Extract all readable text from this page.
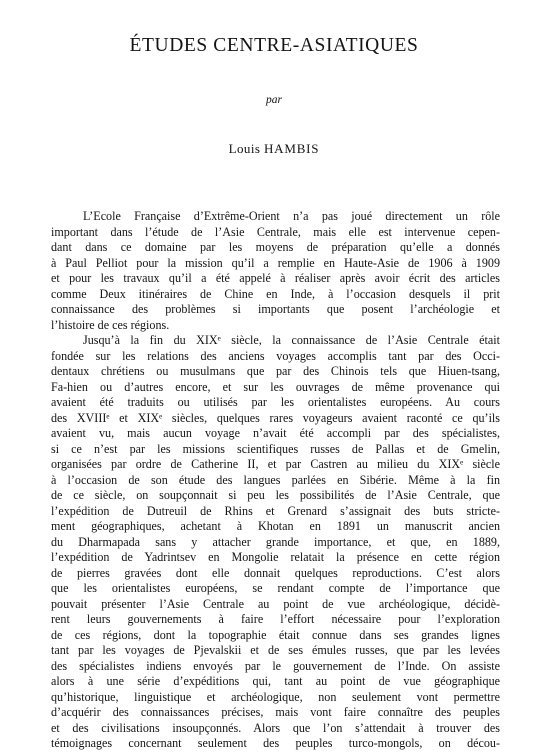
ÉTUDES CENTRE-ASIATIQUES
par
Louis HAMBIS
L’Ecole Française d’Extrême-Orient n’a pas joué directement un rôle
important dans l’étude de l’Asie Centrale, mais elle est intervenue cepen-
dant dans ce domaine par les moyens de préparation qu’elle a donnés
à Paul Pelliot pour la mission qu’il a remplie en Haute-Asie de 1906 à 1909
et pour les travaux qu’il a été appelé à réaliser après avoir écrit des articles
comme Deux itinéraires de Chine en Inde, à l’occasion desquels il prit
connaissance des problèmes si importants que posent l’archéologie et
l’histoire de ces régions.
Jusqu’à la fin du XIXᵉ siècle, la connaissance de l’Asie Centrale était
fondée sur les relations des anciens voyages accomplis tant par des Occi-
dentaux chrétiens ou musulmans que par des Chinois tels que Hiuen-tsang,
Fa-hien ou d’autres encore, et sur les ouvrages de même provenance qui
avaient été traduits ou utilisés par les orientalistes européens. Au cours
des XVIIIᵉ et XIXᵉ siècles, quelques rares voyageurs avaient raconté ce qu’ils
avaient vu, mais aucun voyage n’avait été accompli par des spécialistes,
si ce n’est par les missions scientifiques russes de Pallas et de Gmelin,
organisées par ordre de Catherine II, et par Castren au milieu du XIXᵉ siècle
à l’occasion de son étude des langues parlées en Sibérie. Même à la fin
de ce siècle, on soupçonnait si peu les possibilités de l’Asie Centrale, que
l’expédition de Dutreuil de Rhins et Grenard s’assignait des buts stricte-
ment géographiques, achetant à Khotan en 1891 un manuscrit ancien
du Dharmapada sans y attacher grande importance, et que, en 1889,
l’expédition de Yadrintsev en Mongolie relatait la présence en cette région
de pierres gravées dont elle donnait quelques reproductions. C’est alors
que les orientalistes européens, se rendant compte de l’importance que
pouvait présenter l’Asie Centrale au point de vue archéologique, décidè-
rent leurs gouvernements à faire l’effort nécessaire pour l’exploration
de ces régions, dont la topographie était connue dans ses grandes lignes
tant par les voyages de Pjevalskii et de ses émules russes, que par les levées
des spécialistes indiens envoyés par le gouvernement de l’Inde. On assiste
alors à une série d’expéditions qui, tant au point de vue géographique
qu’historique, linguistique et archéologique, non seulement vont permettre
d’acquérir des connaissances précises, mais vont faire connaître des peuples
et des civilisations insoupçonnés. Alors que l’on s’attendait à trouver des
témoignages concernant seulement des peuples turco-mongols, on décou-
